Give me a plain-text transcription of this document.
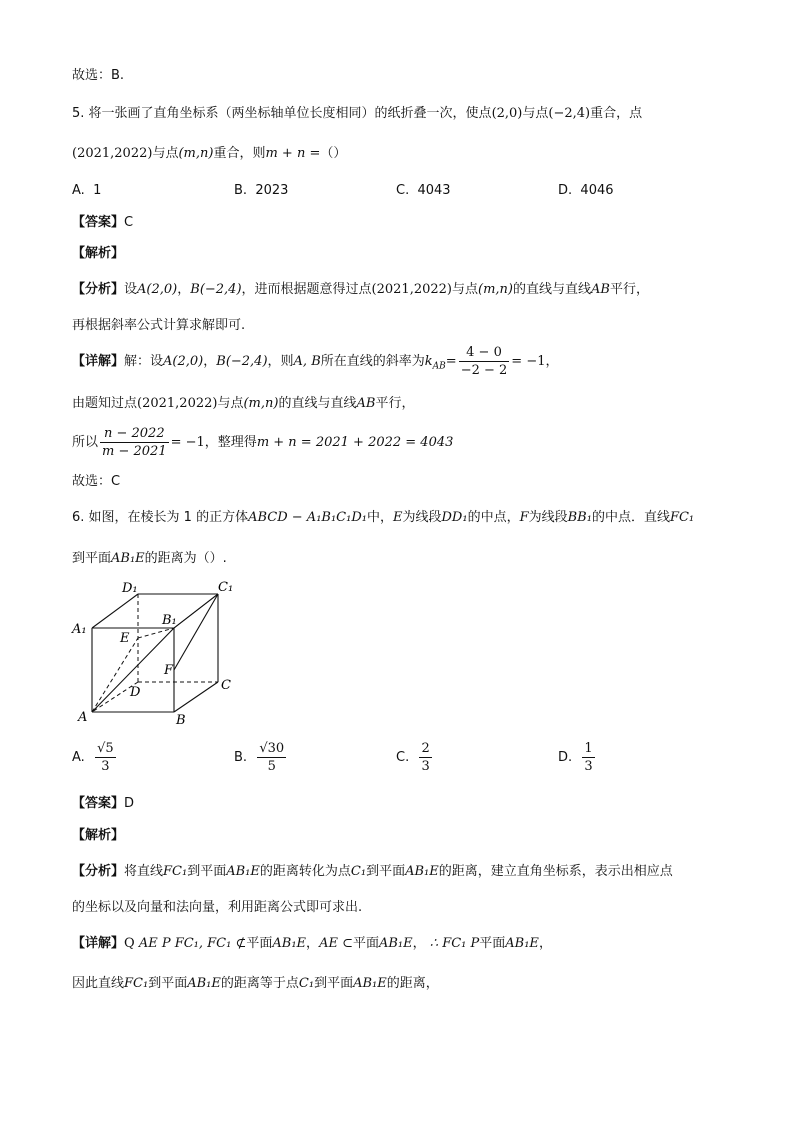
故选：B.
5. 将一张画了直角坐标系（两坐标轴单位长度相同）的纸折叠一次，使点(2,0)与点(−2,4)重合，点
(2021,2022)与点(m,n)重合，则m + n =（）
A. 1	B. 2023	C. 4043	D. 4046
【答案】C
【解析】
【分析】设A(2,0)，B(−2,4)，进而根据题意得过点(2021,2022)与点(m,n)的直线与直线AB平行，
再根据斜率公式计算求解即可.
【详解】解：设A(2,0)，B(−2,4)，则A, B所在直线的斜率为$k_{AB}= \frac{4 - 0}{-2 - 2} = -1$，
由题知过点(2021,2022)与点(m,n)的直线与直线AB平行，
所以 $\frac{n - 2022}{m - 2021} = -1$，整理得m + n = 2021 + 2022 = 4043
故选：C
6. 如图，在棱长为 1 的正方体ABCD − A₁B₁C₁D₁中，E为线段DD₁的中点，F为线段BB₁的中点．直线FC₁
到平面AB₁E的距离为（）.
D₁	C₁
B₁
A₁
E
F
C
D
A	B
A. $\frac{√5}{3}$	B. $\frac{√30}{5}$	C. $\frac{2}{3}$	D. $\frac{1}{3}$
【答案】D
【解析】
【分析】将直线FC₁到平面AB₁E的距离转化为点C₁到平面AB₁E的距离，建立直角坐标系，表示出相应点
的坐标以及向量和法向量，利用距离公式即可求出.
【详解】Q AE P FC₁, FC₁ ⊄平面AB₁E，AE ⊂平面AB₁E， ∴ FC₁ P平面AB₁E，
因此直线FC₁到平面AB₁E的距离等于点C₁到平面AB₁E的距离，
